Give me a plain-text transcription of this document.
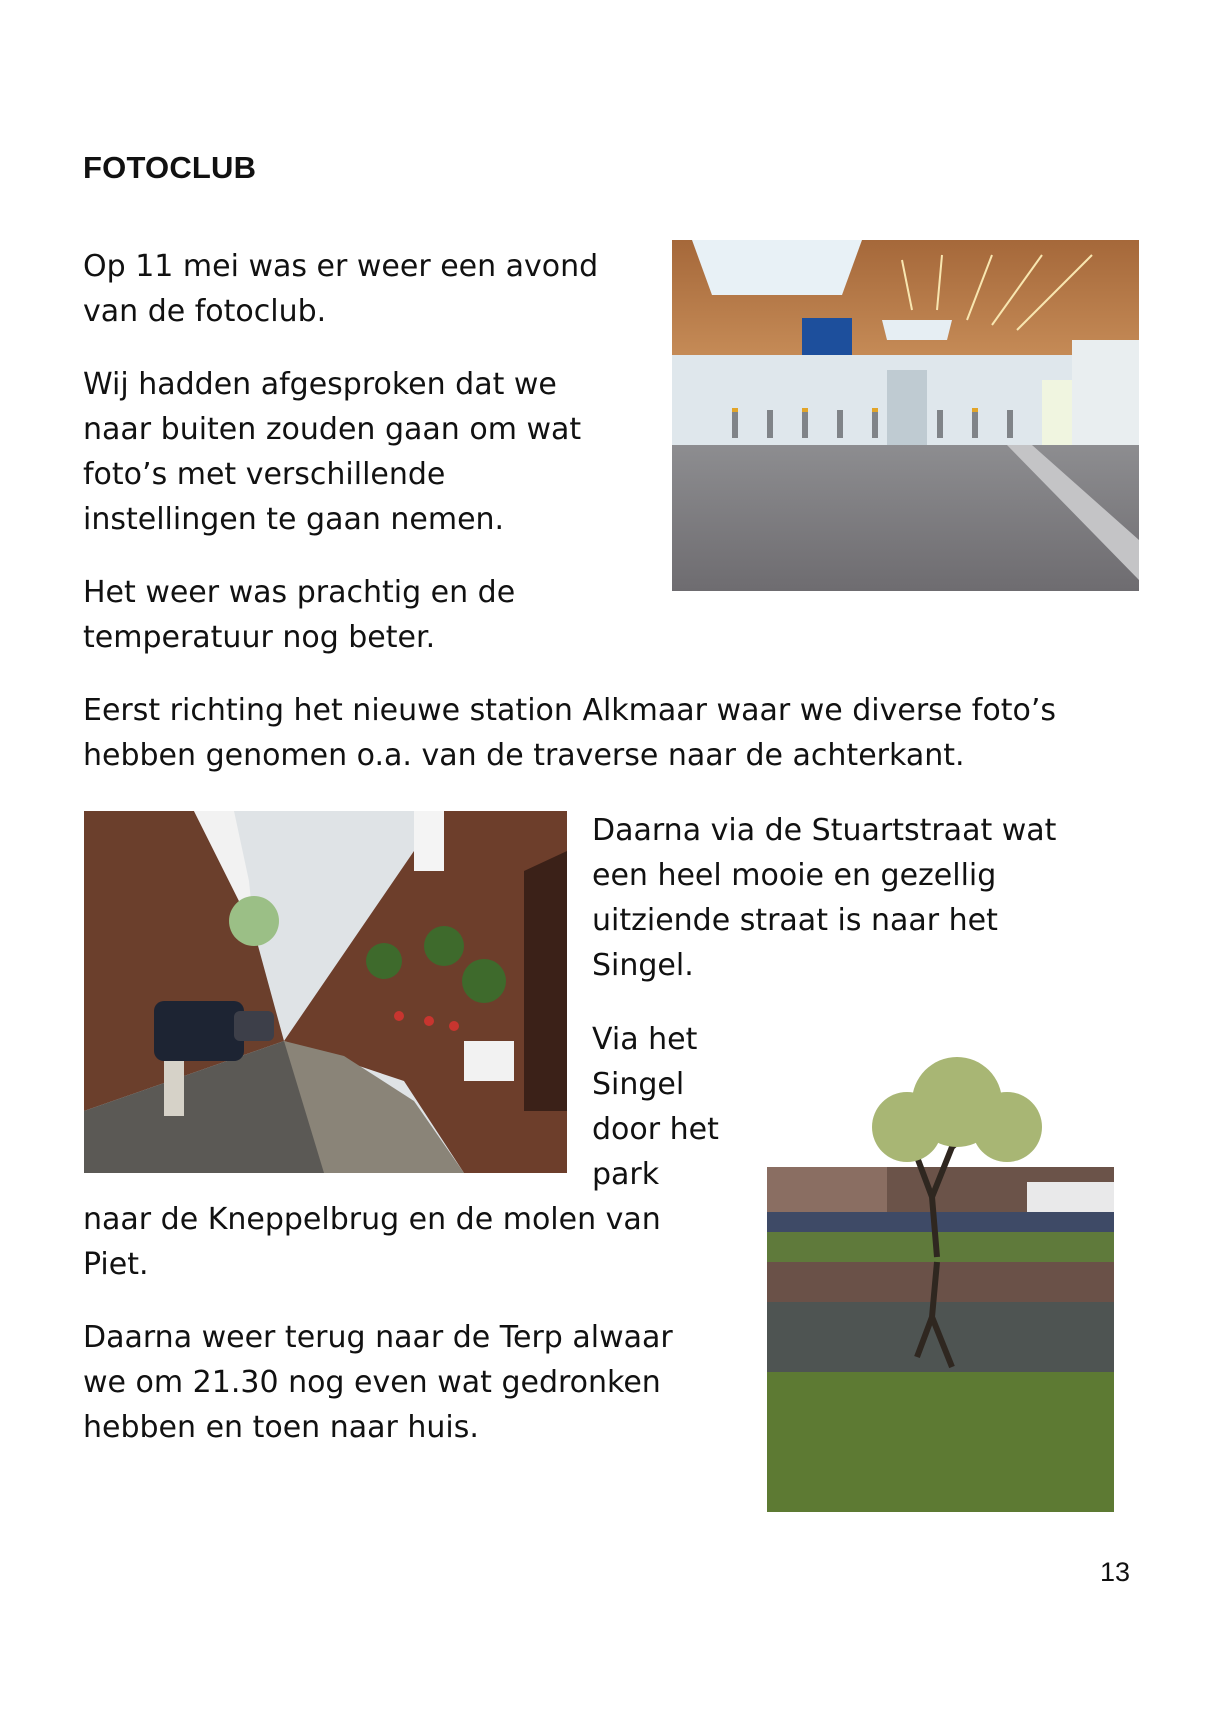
FOTOCLUB
Op 11 mei was er weer een avond
van de fotoclub.
Wij hadden afgesproken dat we
naar buiten zouden gaan om wat
foto’s met verschillende
instellingen te gaan nemen.
Het weer was prachtig en de
temperatuur nog beter.
Eerst richting het nieuwe station Alkmaar waar we diverse foto’s
hebben genomen o.a. van de traverse naar de achterkant.
Daarna via de Stuartstraat wat
een heel mooie en gezellig
uitziende straat is naar het
Singel.
Via het
Singel
door het
park
naar de Kneppelbrug en de molen van
Piet.
Daarna weer terug naar de Terp alwaar
we om 21.30 nog even wat gedronken
hebben en toen naar huis.
13
